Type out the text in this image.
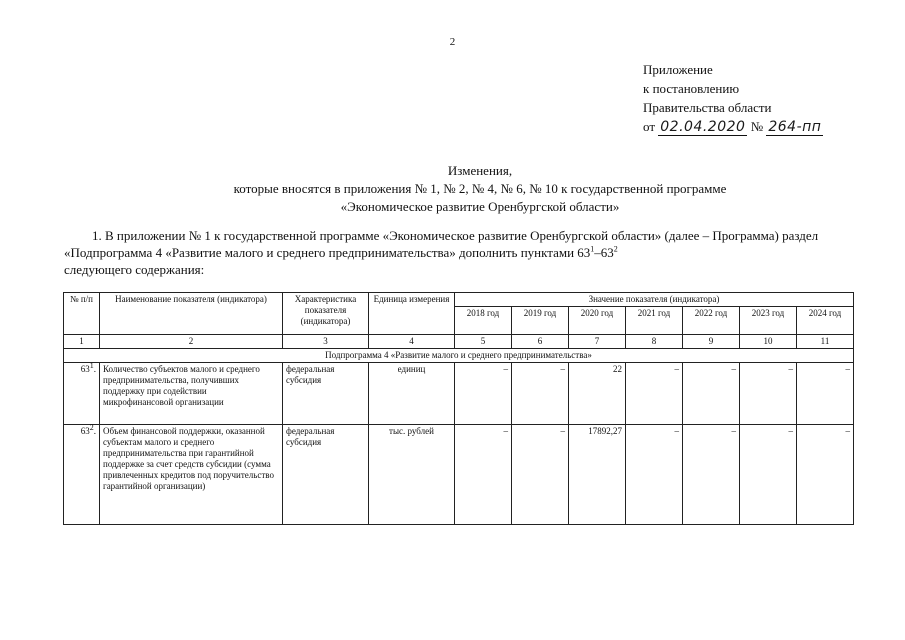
2
Приложение
к постановлению
Правительства области
от 02.04.2020 № 264-пп
Изменения,
которые вносятся в приложения № 1, № 2, № 4, № 6, № 10 к государственной программе
«Экономическое развитие Оренбургской области»

1. В приложении № 1 к государственной программе «Экономическое развитие Оренбургской области» (далее – Программа) раздел «Подпрограмма 4 «Развитие малого и среднего предпринимательства» дополнить пунктами $63^1-63^2$

следующего содержания:
№ п/п	Наименование показателя (индикатора)	Характеристика показателя (индикатора)	Единица измерения	Значение показателя (индикатора)						
				2018 год	2019 год	2020 год	2021 год	2022 год	2023 год	2024 год
1	2	3	4	5	6	7	8	9	10	11
Подпрограмма 4 «Развитие малого и среднего предпринимательства»										
$63^1$.	Количество субъектов малого и среднего предпринимательства, получивших поддержку при содействии микрофинансовой организации	федеральная субсидия	единиц	–	–	22	–	–	–	–
$63^2$.	Объем финансовой поддержки, оказанной субъектам малого и среднего предпринимательства при гарантийной поддержке за счет средств субсидии (сумма привлеченных кредитов под поручительство гарантийной организации)	федеральная субсидия	тыс. рублей	–	–	17892,27	–	–	–	–
